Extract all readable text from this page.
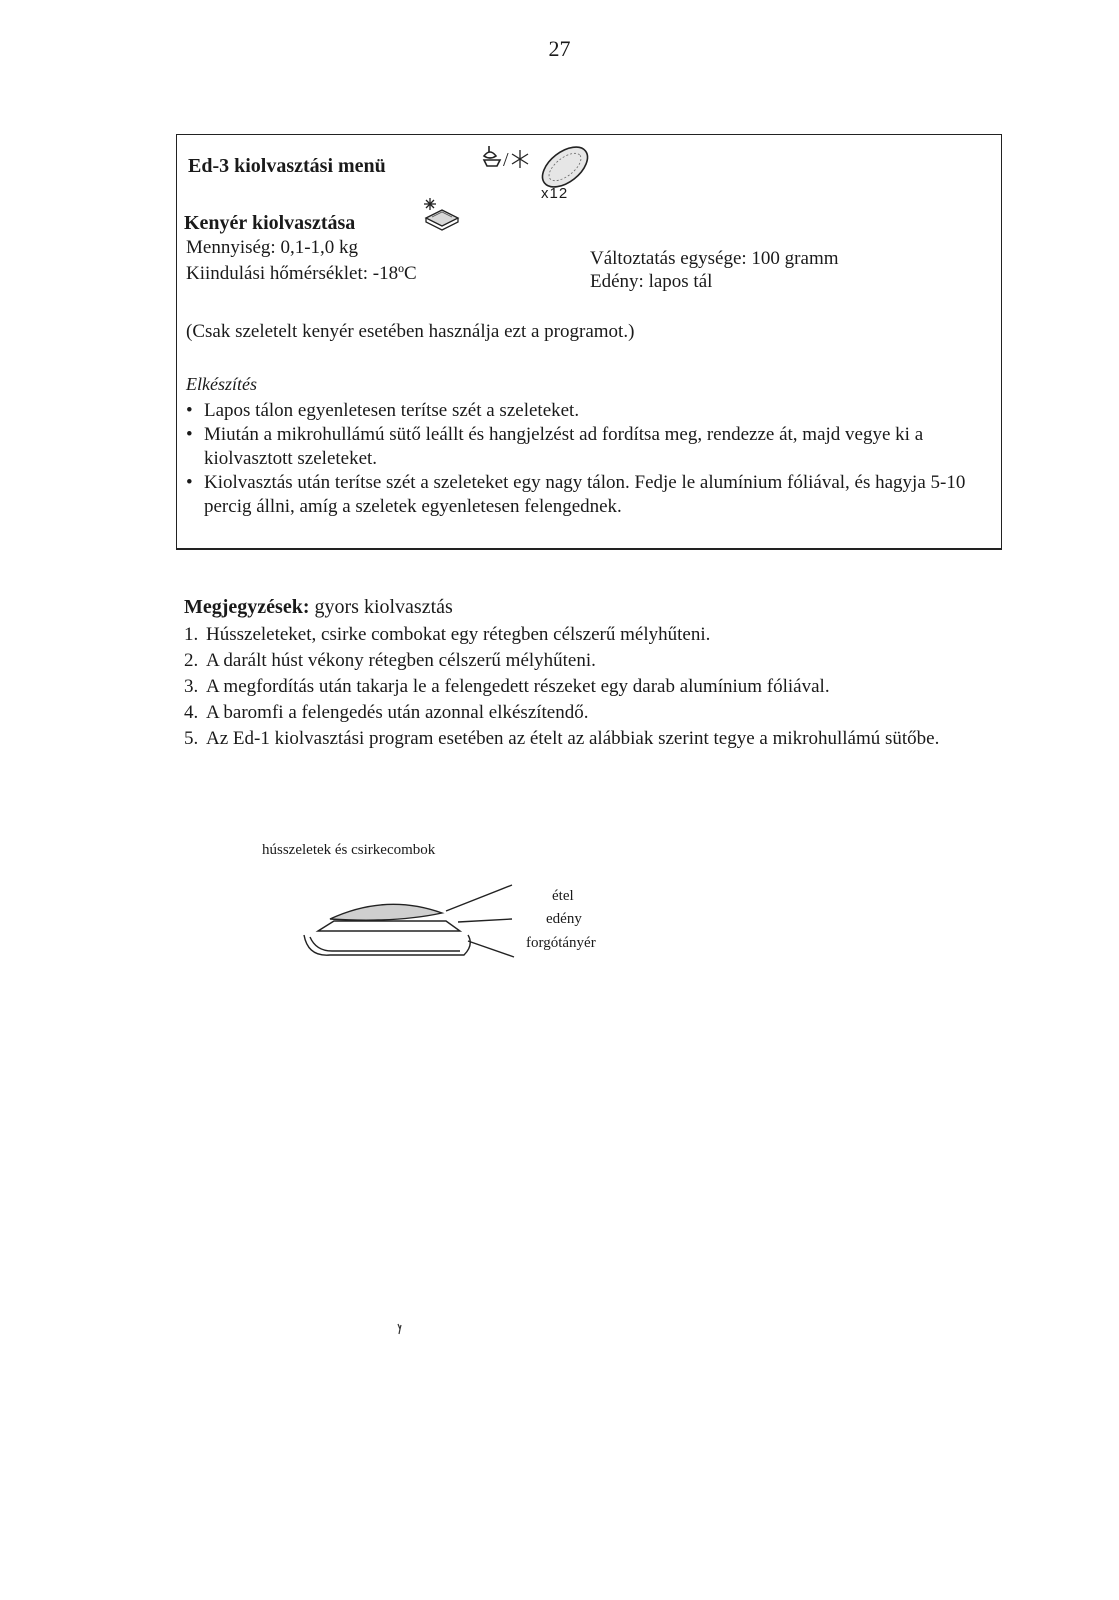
27
Ed-3 kiolvasztási menü	/
x12
Kenyér kiolvasztása
Mennyiség: 0,1-1,0 kg
Kiindulási hőmérséklet: -18ºC
Változtatás egysége: 100 gramm
Edény: lapos tál
(Csak szeletelt kenyér esetében használja ezt a programot.)
Elkészítés
• Lapos tálon egyenletesen terítse szét a szeleteket.
• Miután a mikrohullámú sütő leállt és hangjelzést ad fordítsa meg, rendezze át, majd vegye ki a kiolvasztott szeleteket.
• Kiolvasztás után terítse szét a szeleteket egy nagy tálon. Fedje le alumínium fóliával, és hagyja 5-10 percig állni, amíg a szeletek egyenletesen felengednek.
Megjegyzések: gyors kiolvasztás
1. Hússzeleteket, csirke combokat egy rétegben célszerű mélyhűteni.
2. A darált húst vékony rétegben célszerű mélyhűteni.
3. A megfordítás után takarja le a felengedett részeket egy darab alumínium fóliával.
4. A baromfi a felengedés után azonnal elkészítendő.
5. Az Ed-1 kiolvasztási program esetében az ételt az alábbiak szerint tegye a mikrohullámú sütőbe.
hússzeletek és csirkecombok
étel
edény
forgótányér
